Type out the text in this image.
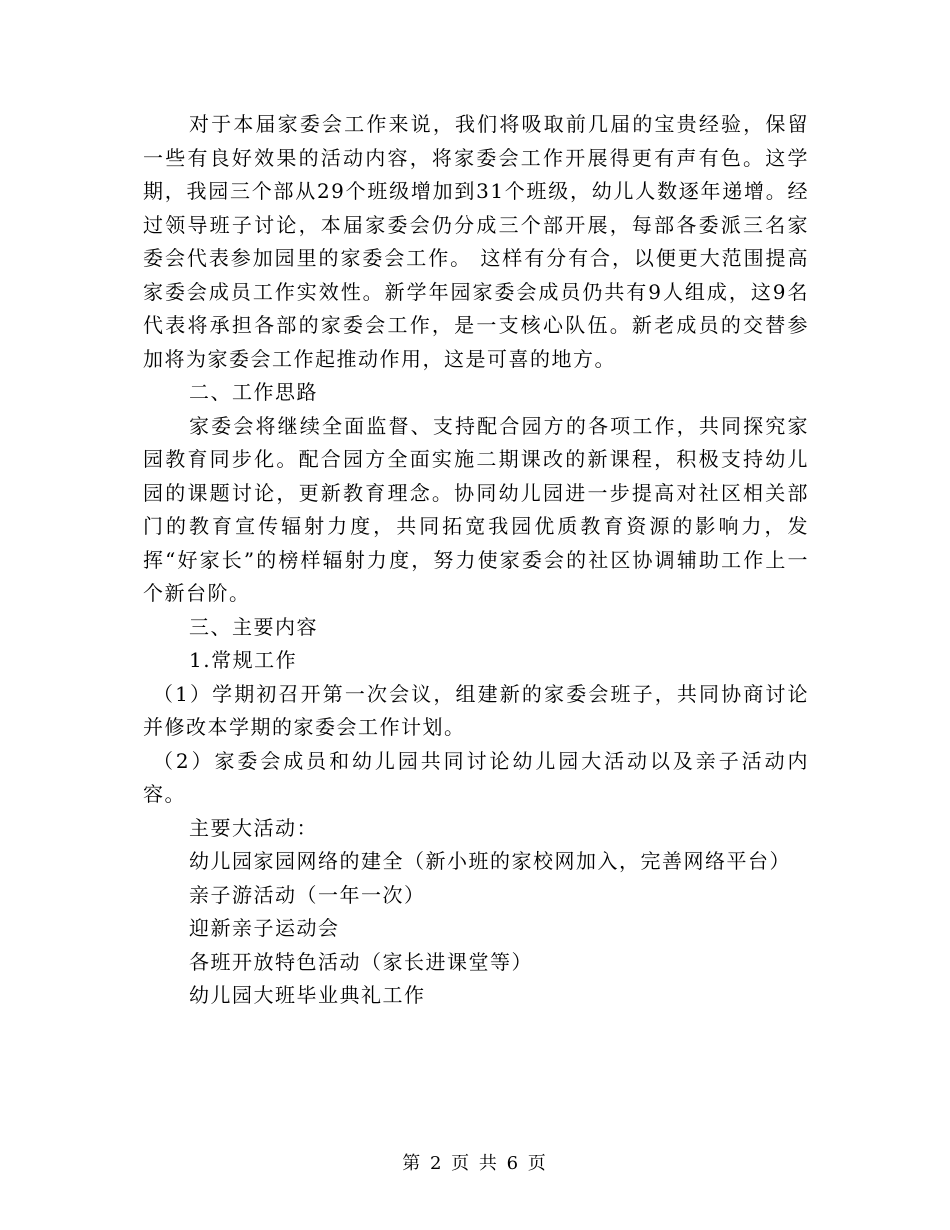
对于本届家委会工作来说，我们将吸取前几届的宝贵经验，保留一些有良好效果的活动内容，将家委会工作开展得更有声有色。这学期，我园三个部从29个班级增加到31个班级，幼儿人数逐年递增。经过领导班子讨论，本届家委会仍分成三个部开展，每部各委派三名家委会代表参加园里的家委会工作。 这样有分有合，以便更大范围提高家委会成员工作实效性。新学年园家委会成员仍共有9人组成，这9名代表将承担各部的家委会工作，是一支核心队伍。新老成员的交替参加将为家委会工作起推动作用，这是可喜的地方。

二、工作思路

家委会将继续全面监督、支持配合园方的各项工作，共同探究家园教育同步化。配合园方全面实施二期课改的新课程，积极支持幼儿园的课题讨论，更新教育理念。协同幼儿园进一步提高对社区相关部门的教育宣传辐射力度，共同拓宽我园优质教育资源的影响力，发挥“好家长”的榜样辐射力度，努力使家委会的社区协调辅助工作上一个新台阶。

三、主要内容

1.常规工作

（1）学期初召开第一次会议，组建新的家委会班子，共同协商讨论并修改本学期的家委会工作计划。

（2）家委会成员和幼儿园共同讨论幼儿园大活动以及亲子活动内容。

主要大活动：

幼儿园家园网络的建全（新小班的家校网加入，完善网络平台）

亲子游活动（一年一次）

迎新亲子运动会

各班开放特色活动（家长进课堂等）

幼儿园大班毕业典礼工作

第 2 页 共 6 页
